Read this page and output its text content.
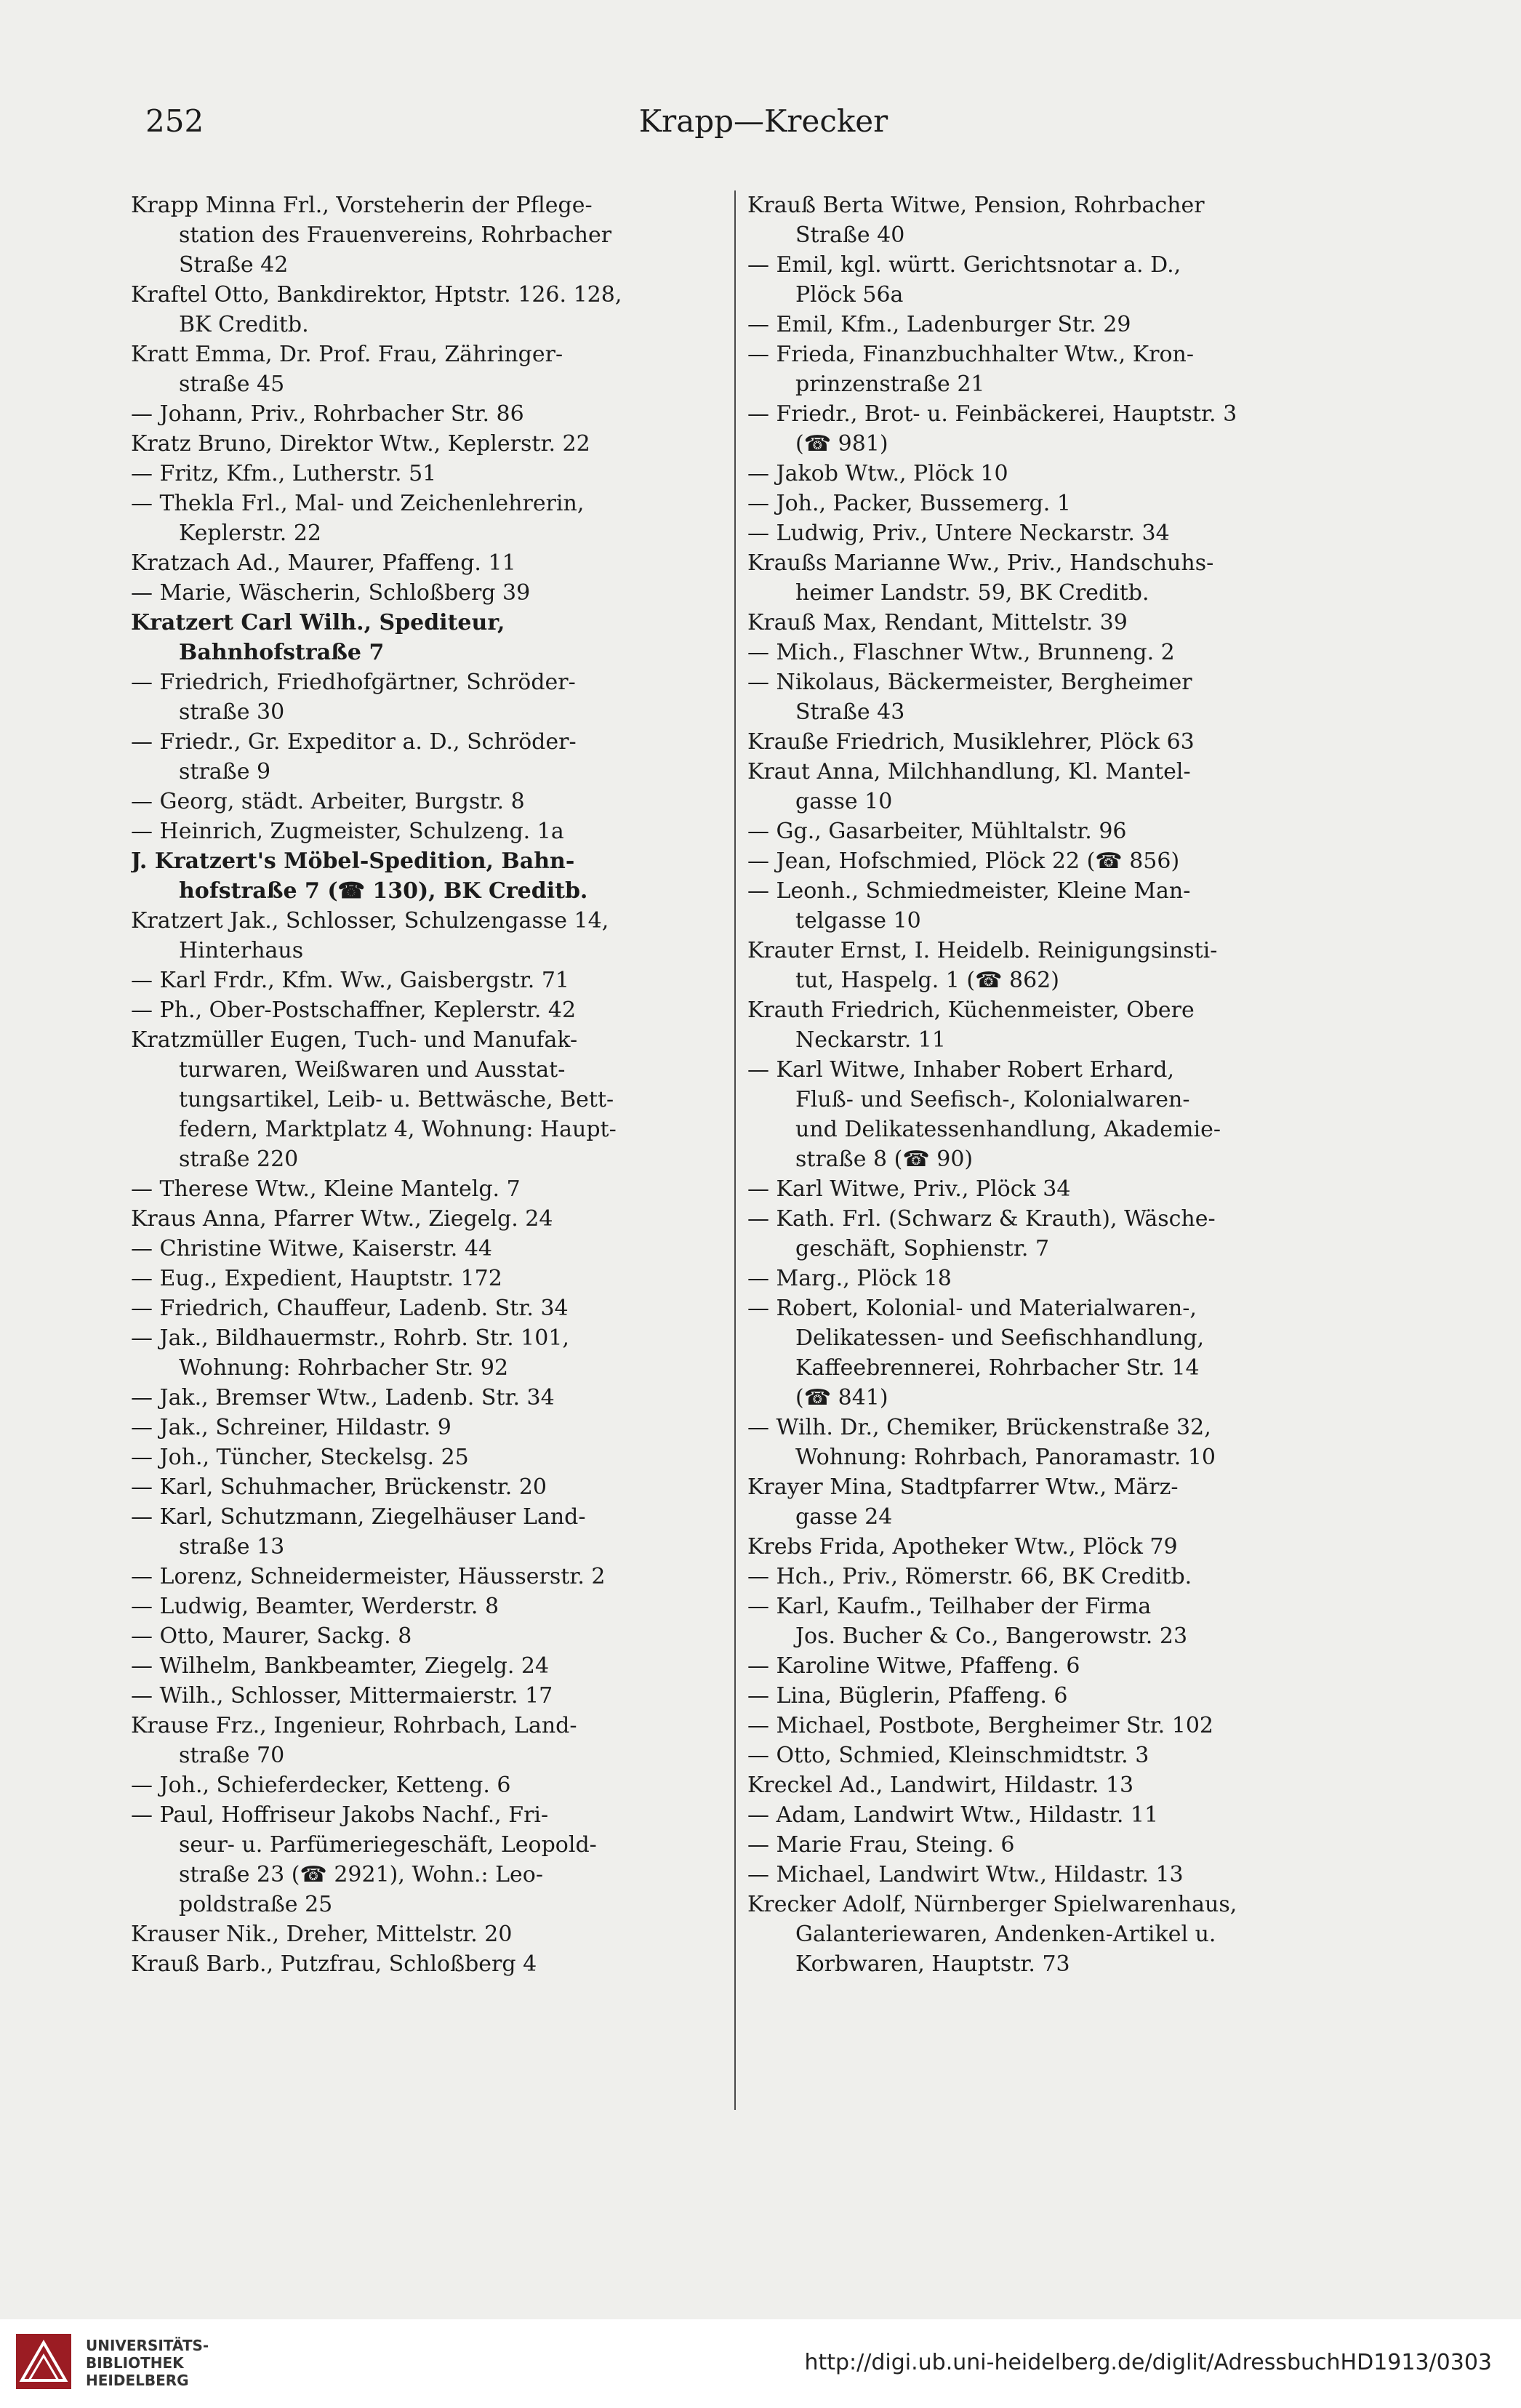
252	Krapp—Krecker
Krapp Minna Frl., Vorsteherin der Pflege-
station des Frauenvereins, Rohrbacher
Straße 42
Kraftel Otto, Bankdirektor, Hptstr. 126. 128,
BK Creditb.
Kratt Emma, Dr. Prof. Frau, Zähringer-
straße 45
— Johann, Priv., Rohrbacher Str. 86
Kratz Bruno, Direktor Wtw., Keplerstr. 22
— Fritz, Kfm., Lutherstr. 51
— Thekla Frl., Mal- und Zeichenlehrerin,
Keplerstr. 22
Kratzach Ad., Maurer, Pfaffeng. 11
— Marie, Wäscherin, Schloßberg 39
Kratzert Carl Wilh., Spediteur,
Bahnhofstraße 7
— Friedrich, Friedhofgärtner, Schröder-
straße 30
— Friedr., Gr. Expeditor a. D., Schröder-
straße 9
— Georg, städt. Arbeiter, Burgstr. 8
— Heinrich, Zugmeister, Schulzeng. 1a
J. Kratzert's Möbel-Spedition, Bahn-
hofstraße 7 (☎ 130), BK Creditb.
Kratzert Jak., Schlosser, Schulzengasse 14,
Hinterhaus
— Karl Frdr., Kfm. Ww., Gaisbergstr. 71
— Ph., Ober-Postschaffner, Keplerstr. 42
Kratzmüller Eugen, Tuch- und Manufak-
turwaren, Weißwaren und Ausstat-
tungsartikel, Leib- u. Bettwäsche, Bett-
federn, Marktplatz 4, Wohnung: Haupt-
straße 220
— Therese Wtw., Kleine Mantelg. 7
Kraus Anna, Pfarrer Wtw., Ziegelg. 24
— Christine Witwe, Kaiserstr. 44
— Eug., Expedient, Hauptstr. 172
— Friedrich, Chauffeur, Ladenb. Str. 34
— Jak., Bildhauermstr., Rohrb. Str. 101,
Wohnung: Rohrbacher Str. 92
— Jak., Bremser Wtw., Ladenb. Str. 34
— Jak., Schreiner, Hildastr. 9
— Joh., Tüncher, Steckelsg. 25
— Karl, Schuhmacher, Brückenstr. 20
— Karl, Schutzmann, Ziegelhäuser Land-
straße 13
— Lorenz, Schneidermeister, Häusserstr. 2
— Ludwig, Beamter, Werderstr. 8
— Otto, Maurer, Sackg. 8
— Wilhelm, Bankbeamter, Ziegelg. 24
— Wilh., Schlosser, Mittermaierstr. 17
Krause Frz., Ingenieur, Rohrbach, Land-
straße 70
— Joh., Schieferdecker, Ketteng. 6
— Paul, Hoffriseur Jakobs Nachf., Fri-
seur- u. Parfümeriegeschäft, Leopold-
straße 23 (☎ 2921), Wohn.: Leo-
poldstraße 25
Krauser Nik., Dreher, Mittelstr. 20
Krauß Barb., Putzfrau, Schloßberg 4
Krauß Berta Witwe, Pension, Rohrbacher
Straße 40
— Emil, kgl. württ. Gerichtsnotar a. D.,
Plöck 56a
— Emil, Kfm., Ladenburger Str. 29
— Frieda, Finanzbuchhalter Wtw., Kron-
prinzenstraße 21
— Friedr., Brot- u. Feinbäckerei, Hauptstr. 3
(☎ 981)
— Jakob Wtw., Plöck 10
— Joh., Packer, Bussemerg. 1
— Ludwig, Priv., Untere Neckarstr. 34
Kraußs Marianne Ww., Priv., Handschuhs-
heimer Landstr. 59, BK Creditb.
Krauß Max, Rendant, Mittelstr. 39
— Mich., Flaschner Wtw., Brunneng. 2
— Nikolaus, Bäckermeister, Bergheimer
Straße 43
Krauße Friedrich, Musiklehrer, Plöck 63
Kraut Anna, Milchhandlung, Kl. Mantel-
gasse 10
— Gg., Gasarbeiter, Mühltalstr. 96
— Jean, Hofschmied, Plöck 22 (☎ 856)
— Leonh., Schmiedmeister, Kleine Man-
telgasse 10
Krauter Ernst, I. Heidelb. Reinigungsinsti-
tut, Haspelg. 1 (☎ 862)
Krauth Friedrich, Küchenmeister, Obere
Neckarstr. 11
— Karl Witwe, Inhaber Robert Erhard,
Fluß- und Seefisch-, Kolonialwaren-
und Delikatessenhandlung, Akademie-
straße 8 (☎ 90)
— Karl Witwe, Priv., Plöck 34
— Kath. Frl. (Schwarz & Krauth), Wäsche-
geschäft, Sophienstr. 7
— Marg., Plöck 18
— Robert, Kolonial- und Materialwaren-,
Delikatessen- und Seefischhandlung,
Kaffeebrennerei, Rohrbacher Str. 14
(☎ 841)
— Wilh. Dr., Chemiker, Brückenstraße 32,
Wohnung: Rohrbach, Panoramastr. 10
Krayer Mina, Stadtpfarrer Wtw., März-
gasse 24
Krebs Frida, Apotheker Wtw., Plöck 79
— Hch., Priv., Römerstr. 66, BK Creditb.
— Karl, Kaufm., Teilhaber der Firma
Jos. Bucher & Co., Bangerowstr. 23
— Karoline Witwe, Pfaffeng. 6
— Lina, Büglerin, Pfaffeng. 6
— Michael, Postbote, Bergheimer Str. 102
— Otto, Schmied, Kleinschmidtstr. 3
Kreckel Ad., Landwirt, Hildastr. 13
— Adam, Landwirt Wtw., Hildastr. 11
— Marie Frau, Steing. 6
— Michael, Landwirt Wtw., Hildastr. 13
Krecker Adolf, Nürnberger Spielwarenhaus,
Galanteriewaren, Andenken-Artikel u.
Korbwaren, Hauptstr. 73
UNIVERSITÄTS-
BIBLIOTHEK
HEIDELBERG
http://digi.ub.uni-heidelberg.de/diglit/AdressbuchHD1913/0303
